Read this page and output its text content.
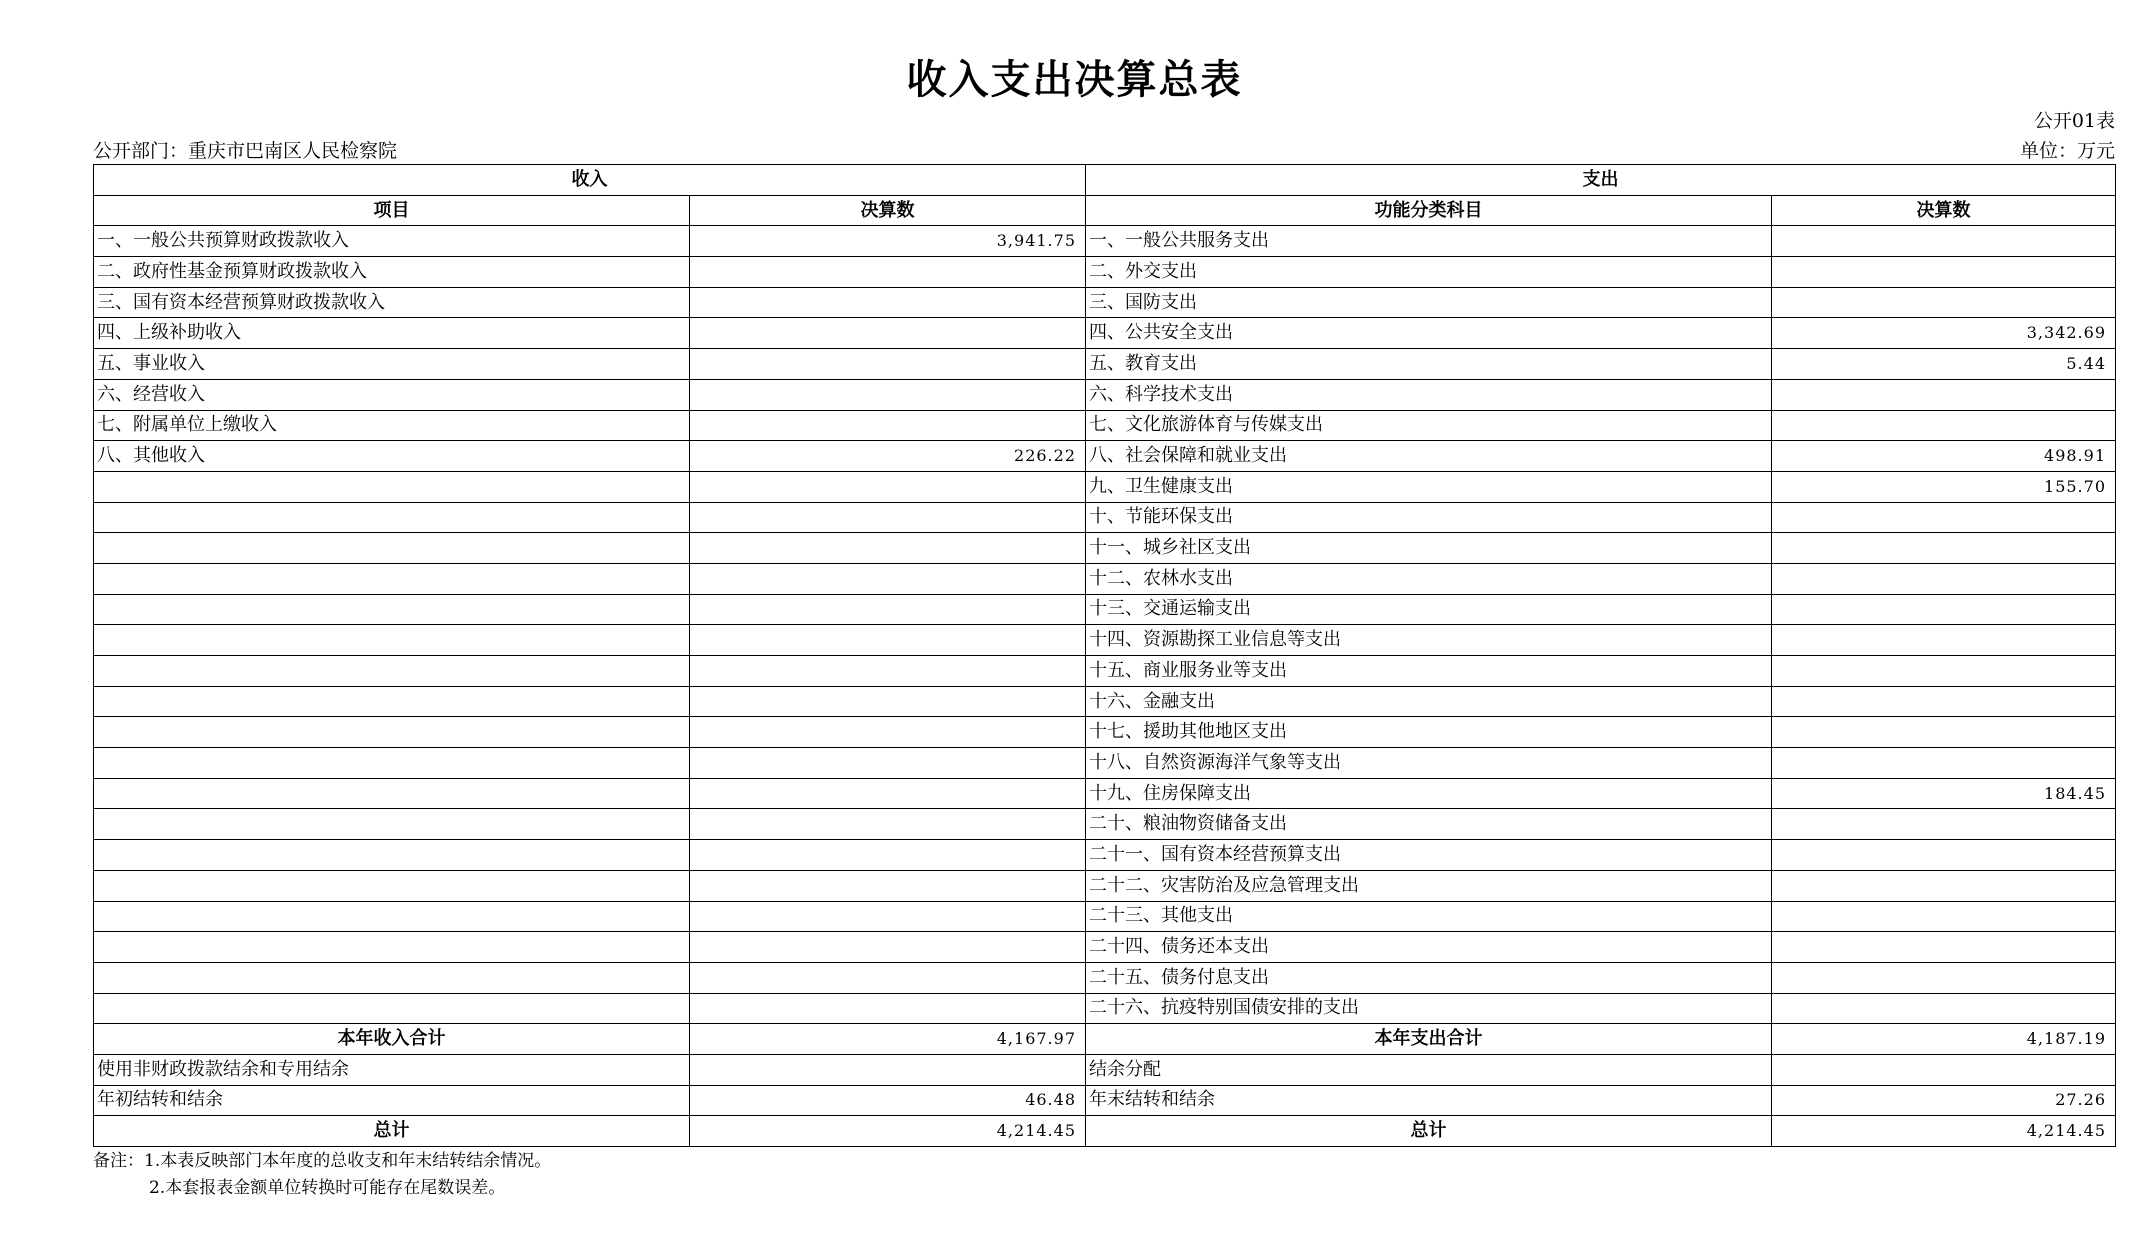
收入支出决算总表
公开01表
公开部门：重庆市巴南区人民检察院	单位：万元
收入		支出	
项目	决算数	功能分类科目	决算数
一、一般公共预算财政拨款收入	3,941.75	一、一般公共服务支出	
二、政府性基金预算财政拨款收入		二、外交支出	
三、国有资本经营预算财政拨款收入		三、国防支出	
四、上级补助收入		四、公共安全支出	3,342.69
五、事业收入		五、教育支出	5.44
六、经营收入		六、科学技术支出	
七、附属单位上缴收入		七、文化旅游体育与传媒支出	
八、其他收入	226.22	八、社会保障和就业支出	498.91
		九、卫生健康支出	155.70
		十、节能环保支出	
		十一、城乡社区支出	
		十二、农林水支出	
		十三、交通运输支出	
		十四、资源勘探工业信息等支出	
		十五、商业服务业等支出	
		十六、金融支出	
		十七、援助其他地区支出	
		十八、自然资源海洋气象等支出	
		十九、住房保障支出	184.45
		二十、粮油物资储备支出	
		二十一、国有资本经营预算支出	
		二十二、灾害防治及应急管理支出	
		二十三、其他支出	
		二十四、债务还本支出	
		二十五、债务付息支出	
		二十六、抗疫特别国债安排的支出	
本年收入合计	4,167.97	本年支出合计	4,187.19
使用非财政拨款结余和专用结余		结余分配	
年初结转和结余	46.48	年末结转和结余	27.26
总计	4,214.45	总计	4,214.45
备注：1.本表反映部门本年度的总收支和年末结转结余情况。
2.本套报表金额单位转换时可能存在尾数误差。
